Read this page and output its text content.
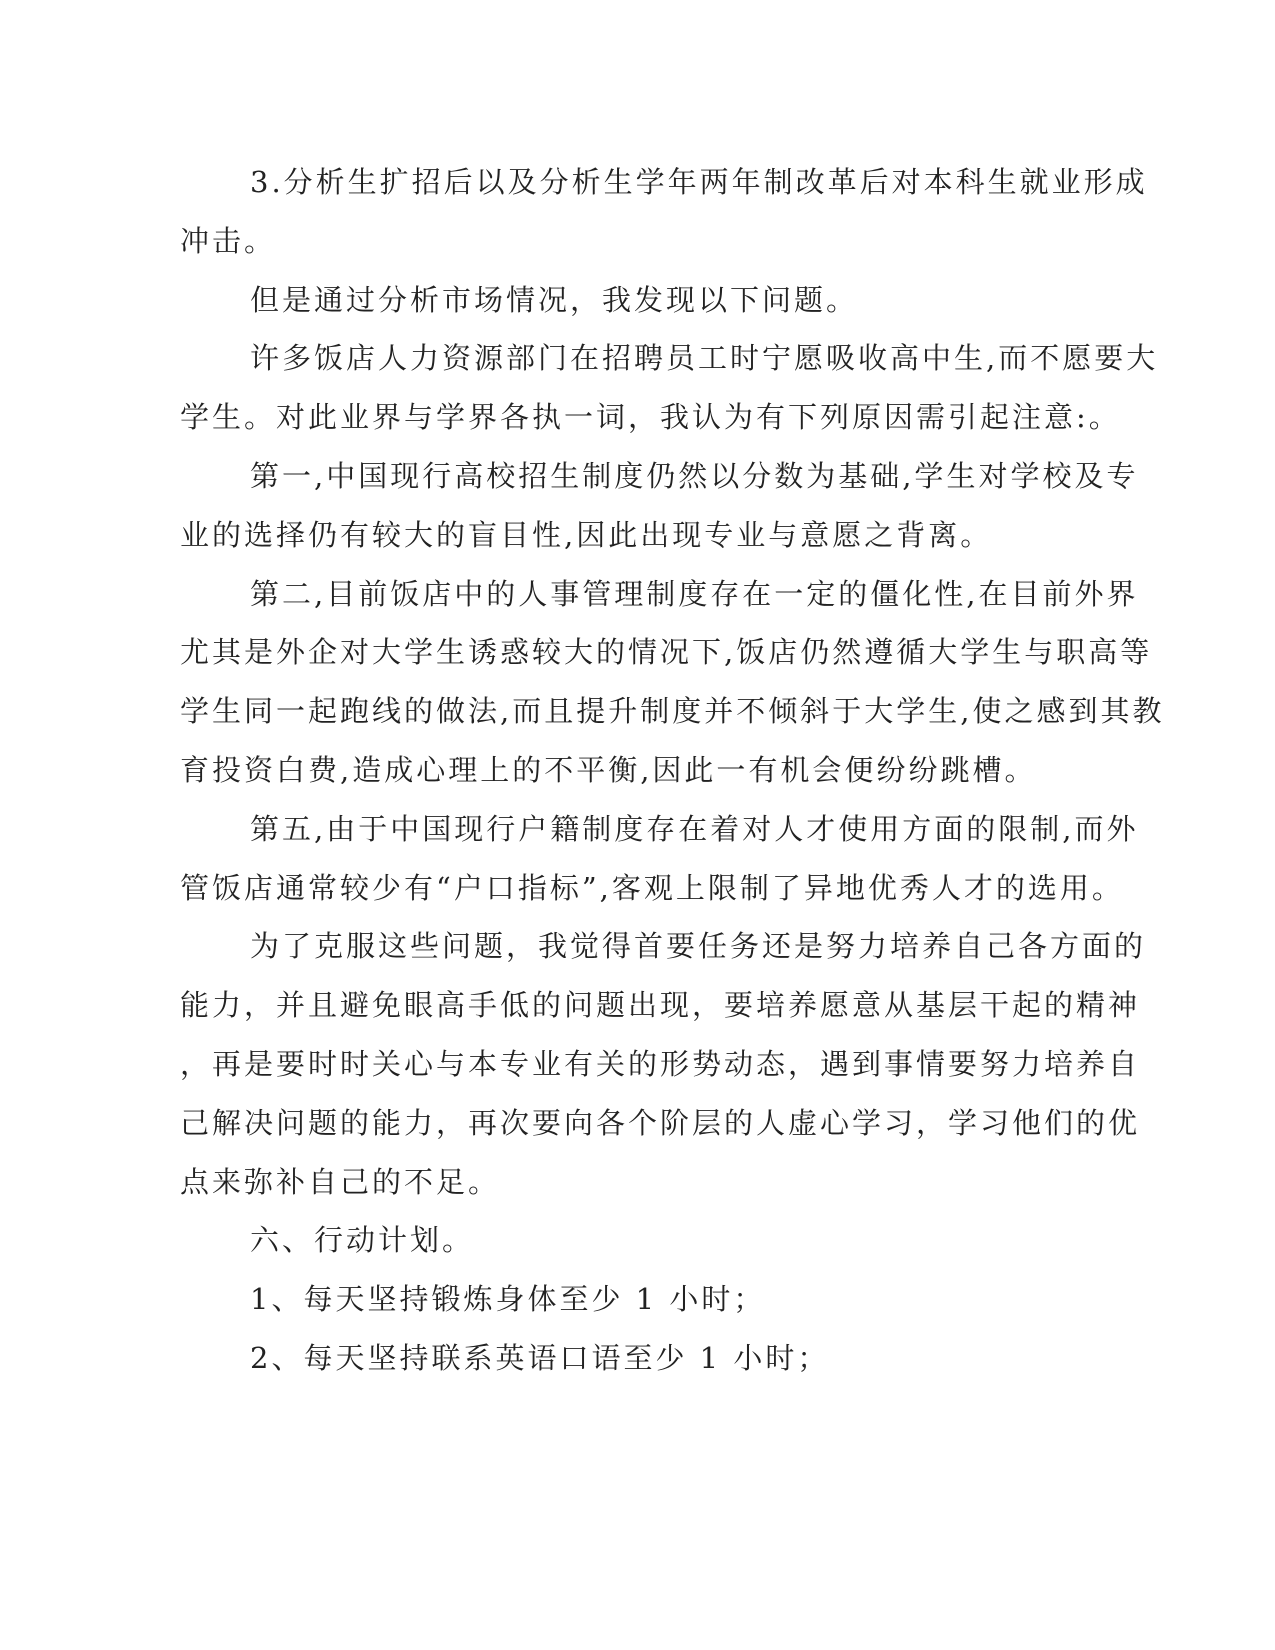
3.分析生扩招后以及分析生学年两年制改革后对本科生就业形成
冲击。
但是通过分析市场情况，我发现以下问题。
许多饭店人力资源部门在招聘员工时宁愿吸收高中生,而不愿要大
学生。对此业界与学界各执一词，我认为有下列原因需引起注意:。
第一,中国现行高校招生制度仍然以分数为基础,学生对学校及专
业的选择仍有较大的盲目性,因此出现专业与意愿之背离。
第二,目前饭店中的人事管理制度存在一定的僵化性,在目前外界
尤其是外企对大学生诱惑较大的情况下,饭店仍然遵循大学生与职高等
学生同一起跑线的做法,而且提升制度并不倾斜于大学生,使之感到其教
育投资白费,造成心理上的不平衡,因此一有机会便纷纷跳槽。
第五,由于中国现行户籍制度存在着对人才使用方面的限制,而外
管饭店通常较少有“户口指标”,客观上限制了异地优秀人才的选用。
为了克服这些问题，我觉得首要任务还是努力培养自己各方面的
能力，并且避免眼高手低的问题出现，要培养愿意从基层干起的精神
，再是要时时关心与本专业有关的形势动态，遇到事情要努力培养自
己解决问题的能力，再次要向各个阶层的人虚心学习，学习他们的优
点来弥补自己的不足。
六、行动计划。
1、每天坚持锻炼身体至少 1 小时；
2、每天坚持联系英语口语至少 1 小时；
